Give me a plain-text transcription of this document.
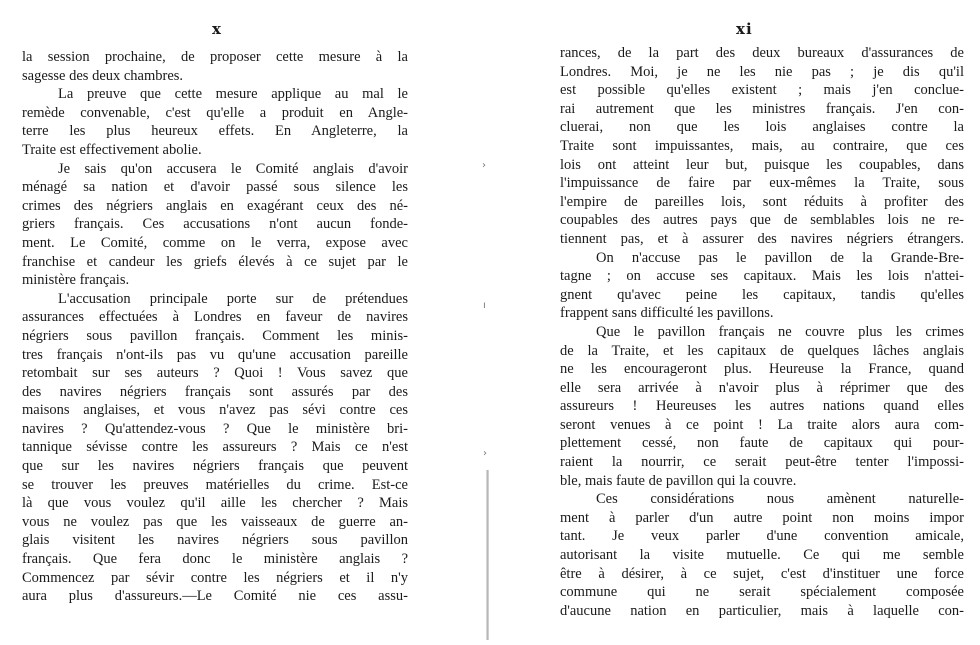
x
la session prochaine, de proposer cette mesure à la
sagesse des deux chambres.
La preuve que cette mesure applique au mal le
remède convenable, c'est qu'elle a produit en Angle-
terre les plus heureux effets. En Angleterre, la
Traite est effectivement abolie.
Je sais qu'on accusera le Comité anglais d'avoir
ménagé sa nation et d'avoir passé sous silence les
crimes des négriers anglais en exagérant ceux des né-
griers français. Ces accusations n'ont aucun fonde-
ment. Le Comité, comme on le verra, expose avec
franchise et candeur les griefs élevés à ce sujet par le
ministère français.
L'accusation principale porte sur de prétendues
assurances effectuées à Londres en faveur de navires
négriers sous pavillon français. Comment les minis-
tres français n'ont-ils pas vu qu'une accusation pareille
retombait sur ses auteurs ? Quoi ! Vous savez que
des navires négriers français sont assurés par des
maisons anglaises, et vous n'avez pas sévi contre ces
navires ? Qu'attendez-vous ? Que le ministère bri-
tannique sévisse contre les assureurs ? Mais ce n'est
que sur les navires négriers français que peuvent
se trouver les preuves matérielles du crime. Est-ce
là que vous voulez qu'il aille les chercher ? Mais
vous ne voulez pas que les vaisseaux de guerre an-
glais visitent les navires négriers sous pavillon
français. Que fera donc le ministère anglais ?
Commencez par sévir contre les négriers et il n'y
aura plus d'assureurs.—Le Comité nie ces assu-
xi
rances, de la part des deux bureaux d'assurances de
Londres. Moi, je ne les nie pas ; je dis qu'il
est possible qu'elles existent ; mais j'en conclue-
rai autrement que les ministres français. J'en con-
cluerai, non que les lois anglaises contre la
Traite sont impuissantes, mais, au contraire, que ces
lois ont atteint leur but, puisque les coupables, dans
l'impuissance de faire par eux-mêmes la Traite, sous
l'empire de pareilles lois, sont réduits à profiter des
coupables des autres pays que de semblables lois ne re-
tiennent pas, et à assurer des navires négriers étrangers.
On n'accuse pas le pavillon de la Grande-Bre-
tagne ; on accuse ses capitaux. Mais les lois n'attei-
gnent qu'avec peine les capitaux, tandis qu'elles
frappent sans difficulté les pavillons.
Que le pavillon français ne couvre plus les crimes
de la Traite, et les capitaux de quelques lâches anglais
ne les encourageront plus. Heureuse la France, quand
elle sera arrivée à n'avoir plus à réprimer que des
assureurs ! Heureuses les autres nations quand elles
seront venues à ce point ! La traite alors aura com-
plettement cessé, non faute de capitaux qui pour-
raient la nourrir, ce serait peut-être tenter l'impossi-
ble, mais faute de pavillon qui la couvre.
Ces considérations nous amènent naturelle-
ment à parler d'un autre point non moins impor
tant. Je veux parler d'une convention amicale,
autorisant la visite mutuelle. Ce qui me semble
être à désirer, à ce sujet, c'est d'instituer une force
commune qui ne serait spécialement composée
d'aucune nation en particulier, mais à laquelle con-
›
ı
›
